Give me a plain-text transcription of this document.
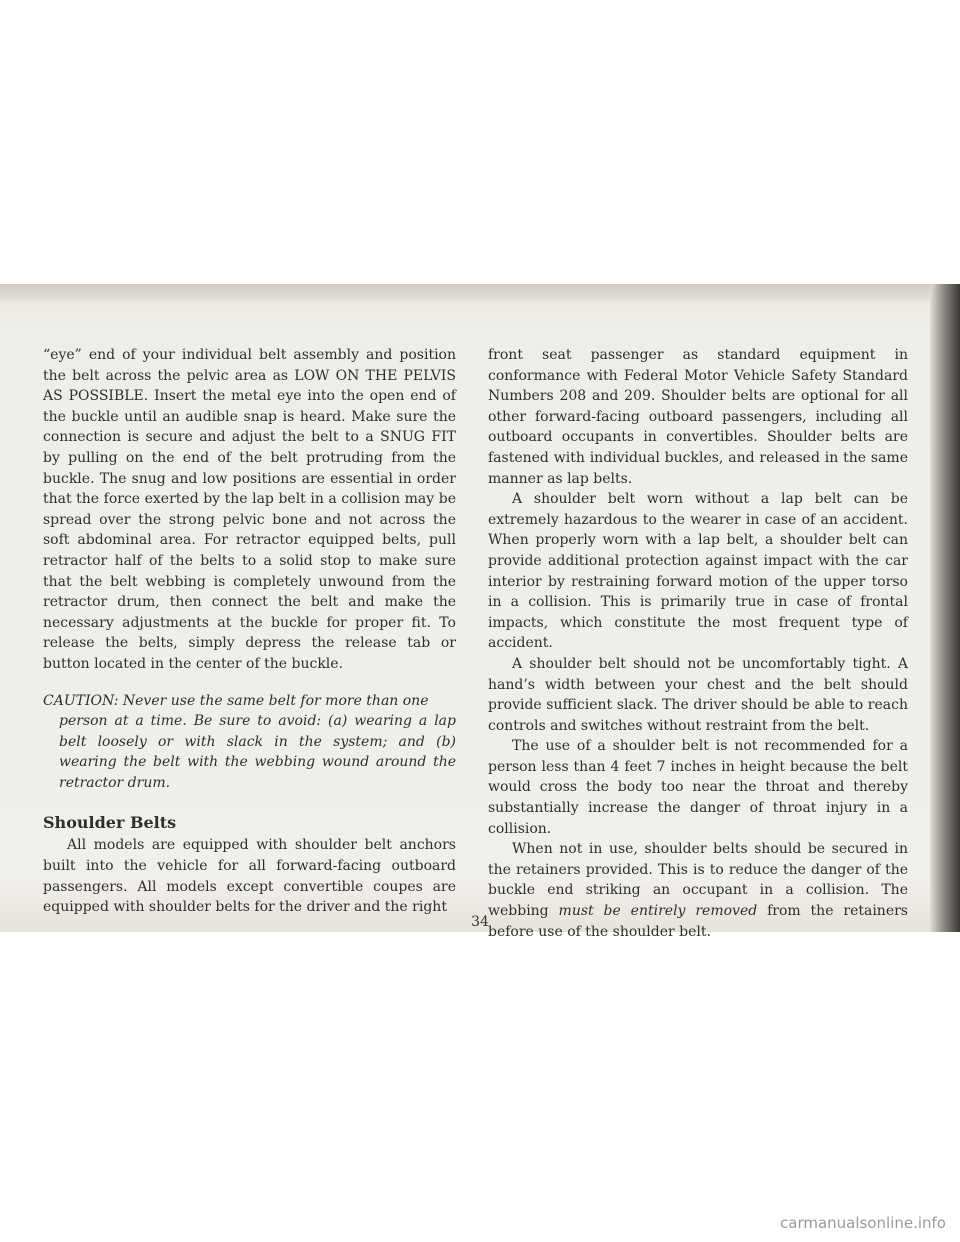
“eye” end of your individual belt assembly and position the belt across the pelvic area as LOW ON THE PELVIS AS POSSIBLE. Insert the metal eye into the open end of the buckle until an audible snap is heard. Make sure the connection is secure and adjust the belt to a SNUG FIT by pulling on the end of the belt protruding from the buckle. The snug and low positions are essential in order that the force exerted by the lap belt in a collision may be spread over the strong pelvic bone and not across the soft abdominal area. For retractor equipped belts, pull retractor half of the belts to a solid stop to make sure that the belt webbing is completely unwound from the retractor drum, then connect the belt and make the necessary adjustments at the buckle for proper fit. To release the belts, simply depress the release tab or button located in the center of the buckle.

CAUTION: Never use the same belt for more than one
person at a time. Be sure to avoid: (a) wearing a lap belt loosely or with slack in the system; and (b) wearing the belt with the webbing wound around the retractor drum.

Shoulder Belts

All models are equipped with shoulder belt anchors built into the vehicle for all forward-facing outboard passengers. All models except convertible coupes are equipped with shoulder belts for the driver and the right

front seat passenger as standard equipment in conformance with Federal Motor Vehicle Safety Standard Numbers 208 and 209. Shoulder belts are optional for all other forward-facing outboard passengers, including all outboard occupants in convertibles. Shoulder belts are fastened with individual buckles, and released in the same manner as lap belts.

A shoulder belt worn without a lap belt can be extremely hazardous to the wearer in case of an accident. When properly worn with a lap belt, a shoulder belt can provide additional protection against impact with the car interior by restraining forward motion of the upper torso in a collision. This is primarily true in case of frontal impacts, which constitute the most frequent type of accident.

A shoulder belt should not be uncomfortably tight. A hand’s width between your chest and the belt should provide sufficient slack. The driver should be able to reach controls and switches without restraint from the belt.

The use of a shoulder belt is not recommended for a person less than 4 feet 7 inches in height because the belt would cross the body too near the throat and thereby substantially increase the danger of throat injury in a collision.

When not in use, shoulder belts should be secured in the retainers provided. This is to reduce the danger of the buckle end striking an occupant in a collision. The webbing must be entirely removed from the retainers before use of the shoulder belt.

34
carmanualsonline.info
